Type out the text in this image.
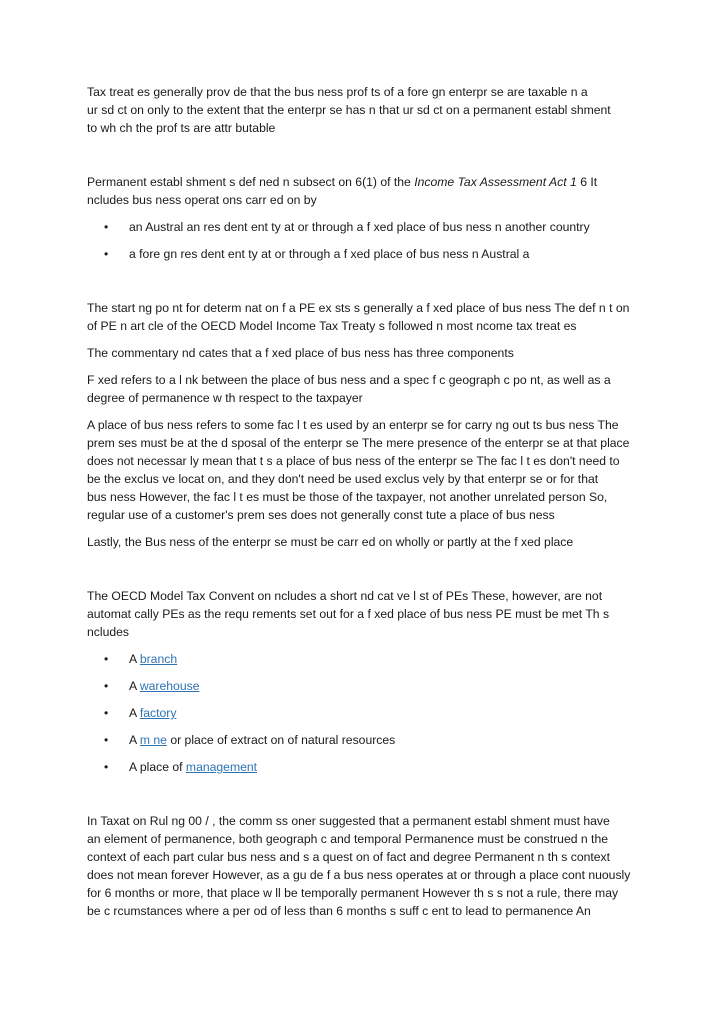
Tax treat es generally prov de that the bus ness prof ts of a fore gn enterpr se are taxable n a
ur sd ct on only to the extent that the enterpr se has n that ur sd ct on a permanent establ shment
to wh ch the prof ts are attr butable

Permanent establ shment s def ned n subsect on 6(1) of the Income Tax Assessment Act 1 6 It
ncludes bus ness operat ons carr ed on by

• an Austral an res dent ent ty at or through a f xed place of bus ness n another country
• a fore gn res dent ent ty at or through a f xed place of bus ness n Austral a

The start ng po nt for determ nat on f a PE ex sts s generally a f xed place of bus ness The def n t on
of PE n art cle of the OECD Model Income Tax Treaty s followed n most ncome tax treat es

The commentary nd cates that a f xed place of bus ness has three components

F xed refers to a l nk between the place of bus ness and a spec f c geograph c po nt, as well as a
degree of permanence w th respect to the taxpayer

A place of bus ness refers to some fac l t es used by an enterpr se for carry ng out ts bus ness The
prem ses must be at the d sposal of the enterpr se The mere presence of the enterpr se at that place
does not necessar ly mean that t s a place of bus ness of the enterpr se The fac l t es don't need to
be the exclus ve locat on, and they don't need be used exclus vely by that enterpr se or for that
bus ness However, the fac l t es must be those of the taxpayer, not another unrelated person So,
regular use of a customer's prem ses does not generally const tute a place of bus ness

Lastly, the Bus ness of the enterpr se must be carr ed on wholly or partly at the f xed place

The OECD Model Tax Convent on ncludes a short nd cat ve l st of PEs These, however, are not
automat cally PEs as the requ rements set out for a f xed place of bus ness PE must be met Th s
ncludes

• A branch
• A warehouse
• A factory
• A m ne or place of extract on of natural resources
• A place of management

In Taxat on Rul ng 00 / , the comm ss oner suggested that a permanent establ shment must have
an element of permanence, both geograph c and temporal Permanence must be construed n the
context of each part cular bus ness and s a quest on of fact and degree Permanent n th s context
does not mean forever However, as a gu de f a bus ness operates at or through a place cont nuously
for 6 months or more, that place w ll be temporally permanent However th s s not a rule, there may
be c rcumstances where a per od of less than 6 months s suff c ent to lead to permanence An
